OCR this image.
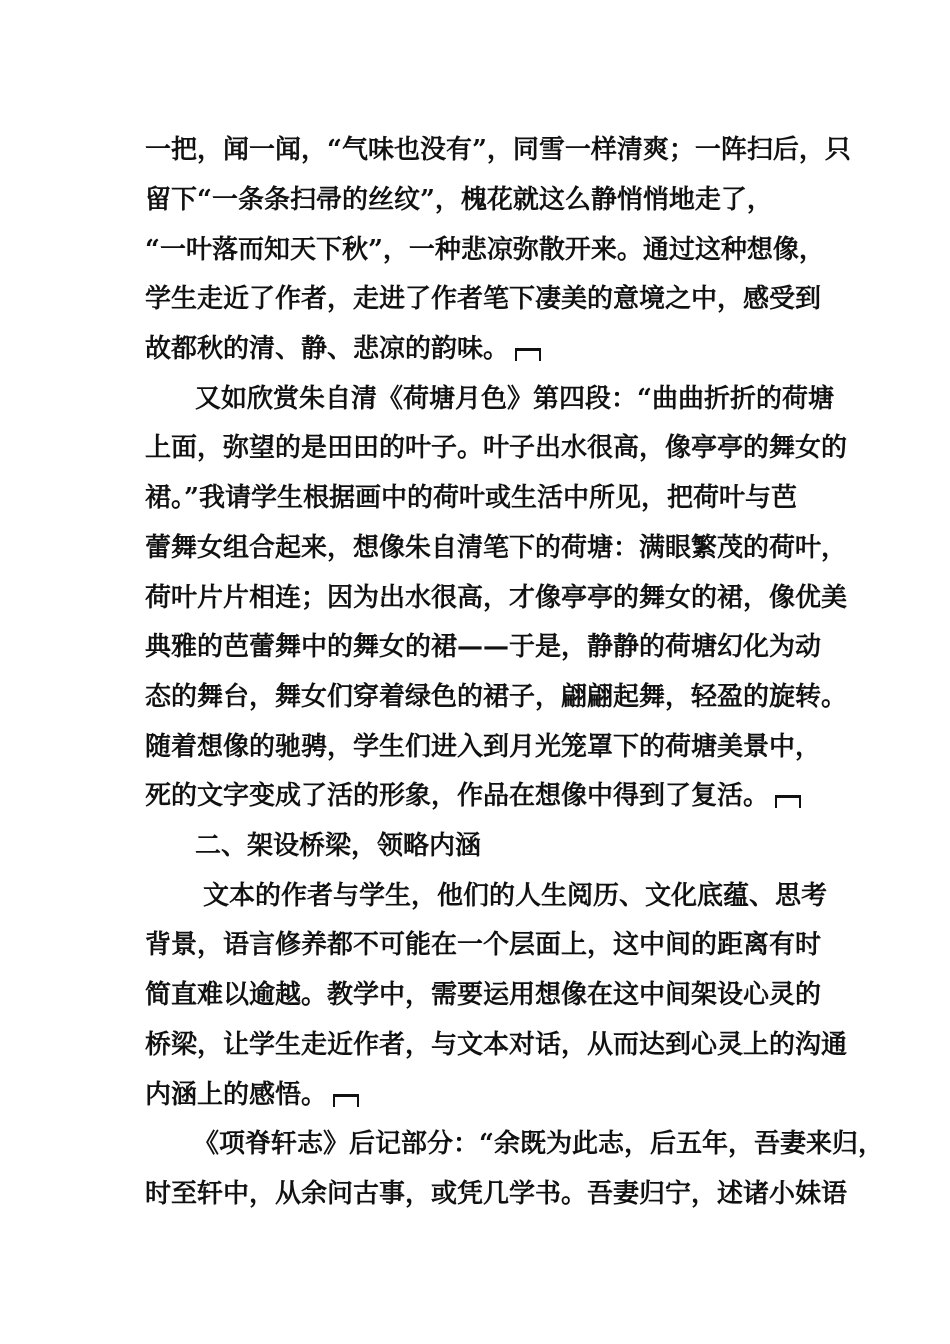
一把，闻一闻，“气味也没有”，同雪一样清爽；一阵扫后，只
留下“一条条扫帚的丝纹”，槐花就这么静悄悄地走了，
“一叶落而知天下秋”，一种悲凉弥散开来。通过这种想像，
学生走近了作者，走进了作者笔下凄美的意境之中，感受到
故都秋的清、静、悲凉的韵味。
又如欣赏朱自清《荷塘月色》第四段：“曲曲折折的荷塘
上面，弥望的是田田的叶子。叶子出水很高，像亭亭的舞女的
裙。”我请学生根据画中的荷叶或生活中所见，把荷叶与芭
蕾舞女组合起来，想像朱自清笔下的荷塘：满眼繁茂的荷叶，
荷叶片片相连；因为出水很高，才像亭亭的舞女的裙，像优美
典雅的芭蕾舞中的舞女的裙——于是，静静的荷塘幻化为动
态的舞台，舞女们穿着绿色的裙子，翩翩起舞，轻盈的旋转。
随着想像的驰骋，学生们进入到月光笼罩下的荷塘美景中，
死的文字变成了活的形象，作品在想像中得到了复活。
二、架设桥梁，领略内涵
文本的作者与学生，他们的人生阅历、文化底蕴、思考
背景，语言修养都不可能在一个层面上，这中间的距离有时
简直难以逾越。教学中，需要运用想像在这中间架设心灵的
桥梁，让学生走近作者，与文本对话，从而达到心灵上的沟通
内涵上的感悟。
《项脊轩志》后记部分：“余既为此志，后五年，吾妻来归，
时至轩中，从余问古事，或凭几学书。吾妻归宁，述诸小妹语
